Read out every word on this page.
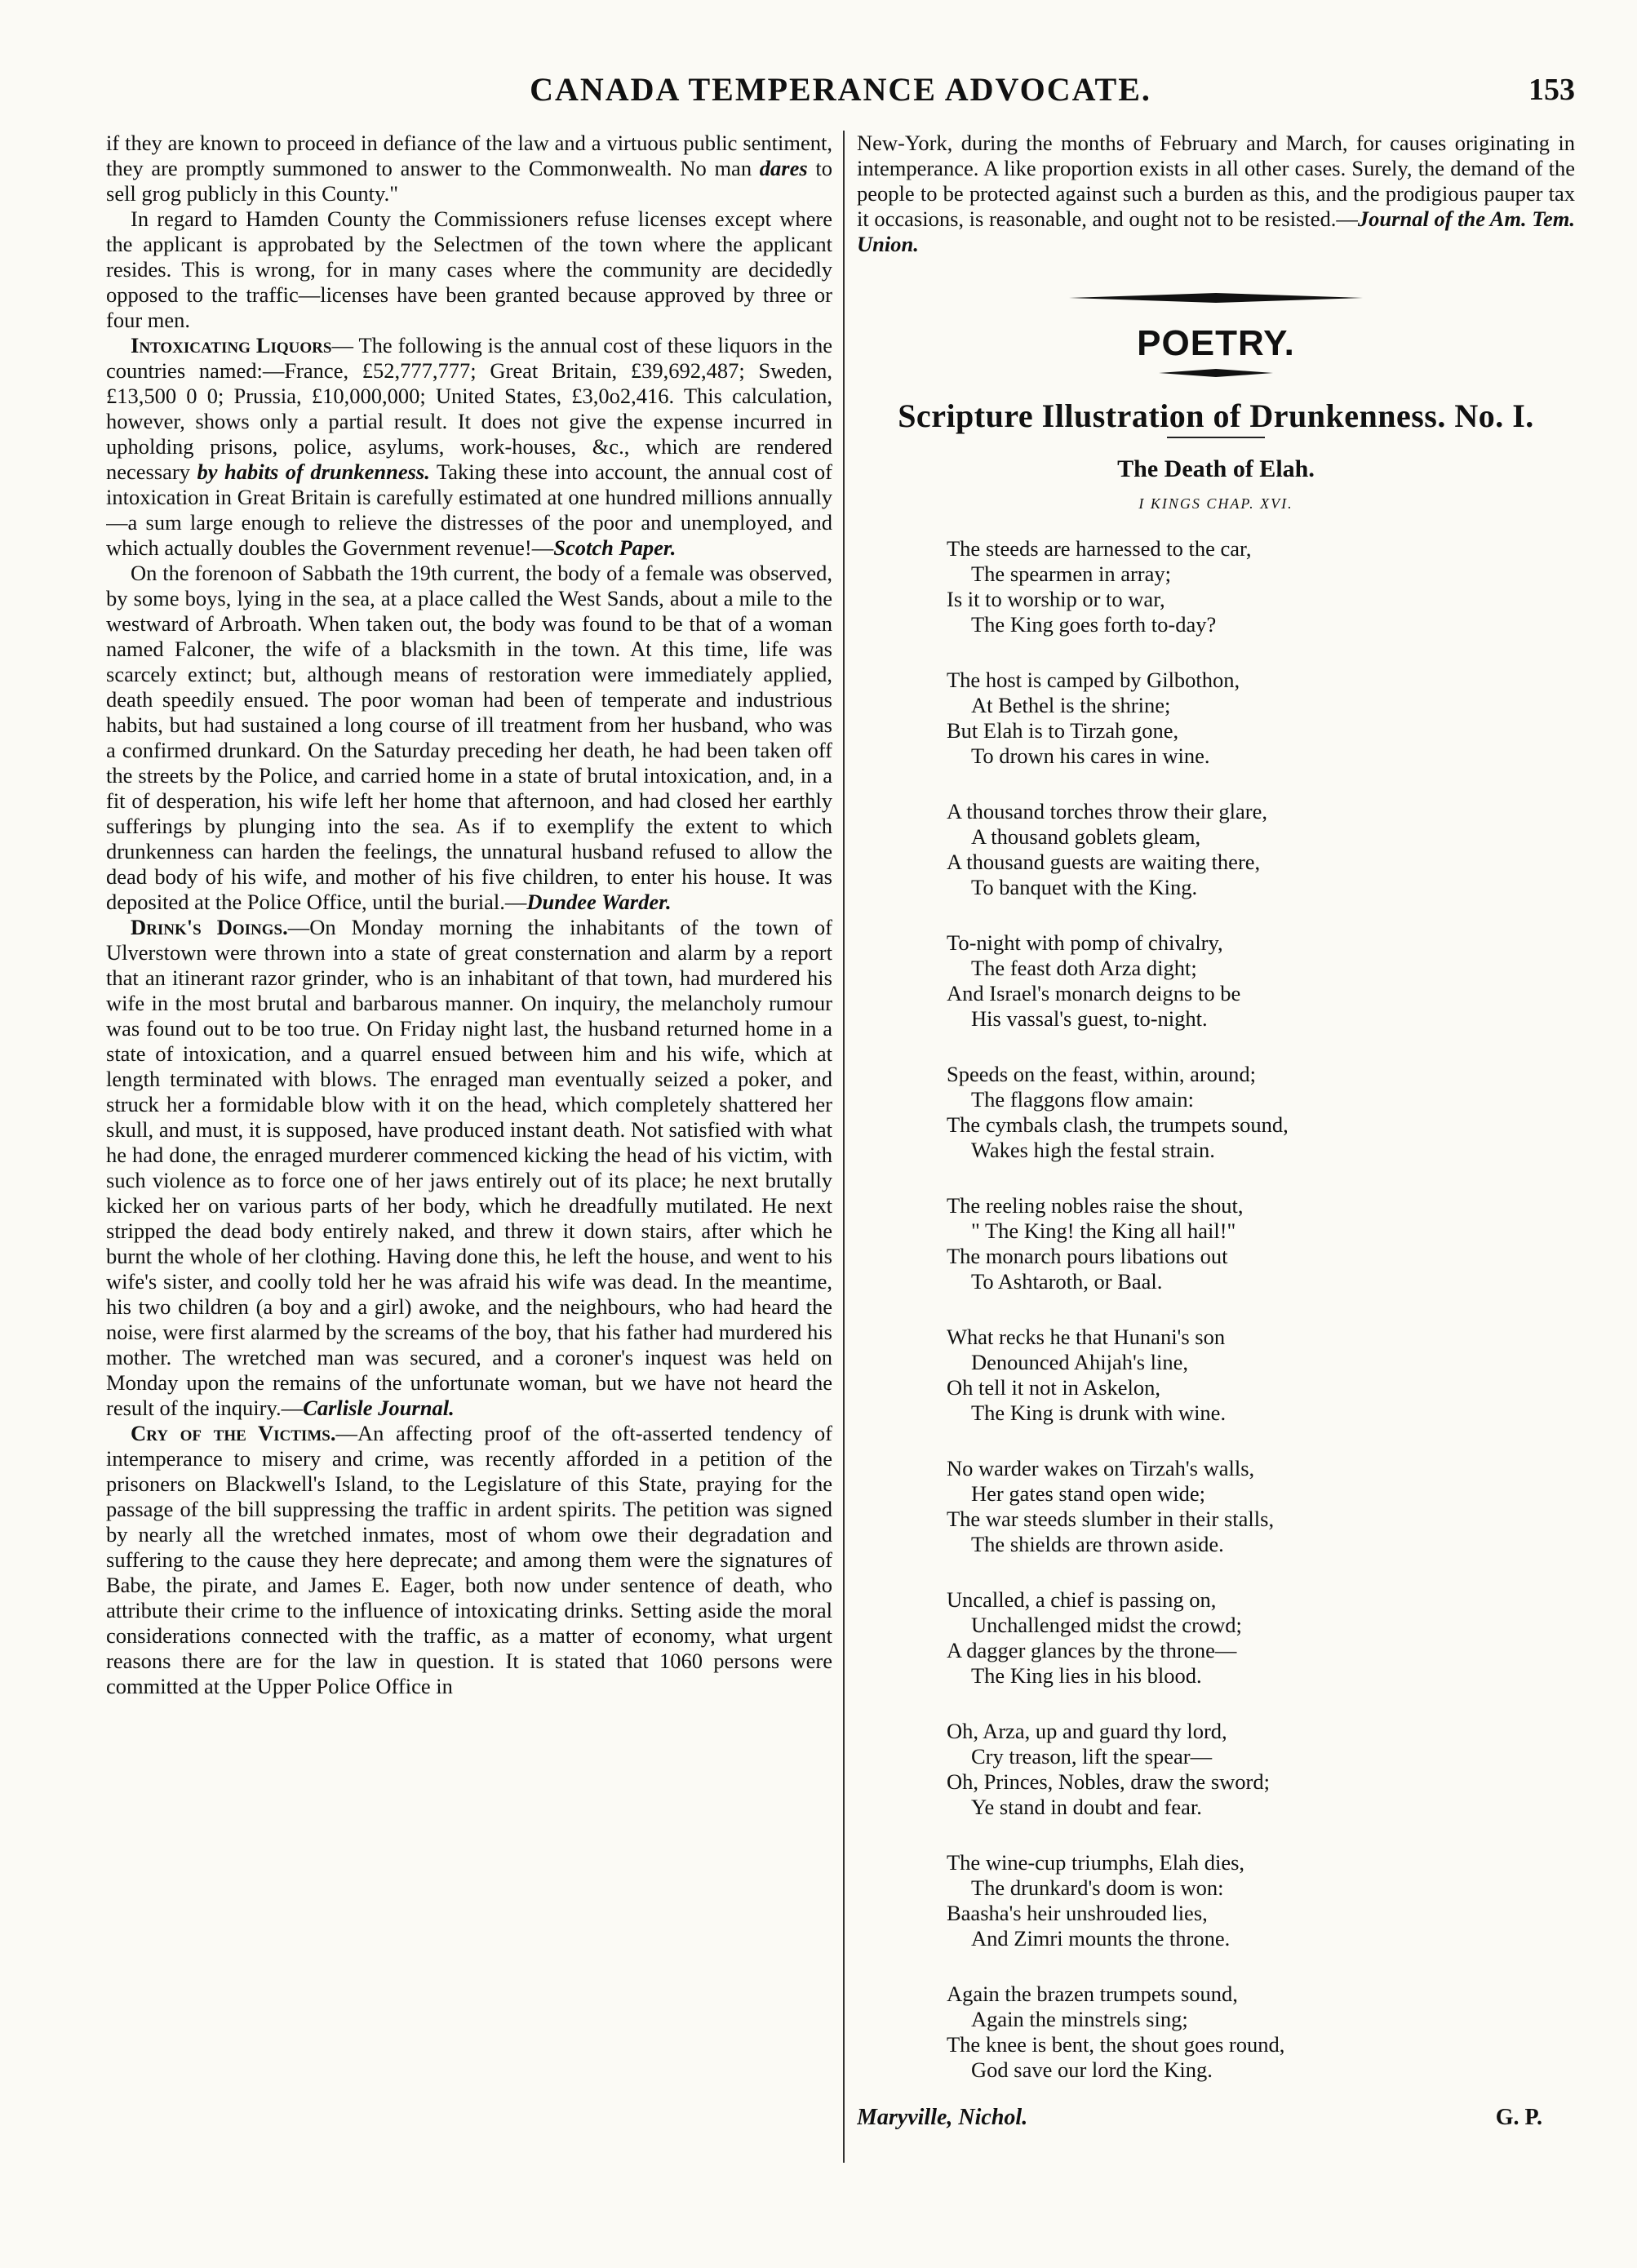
CANADA TEMPERANCE ADVOCATE.	153

if they are known to proceed in defiance of the law and a virtuous public sentiment, they are promptly summoned to answer to the Commonwealth. No man dares to sell grog publicly in this County."

In regard to Hamden County the Commissioners refuse licenses except where the applicant is approbated by the Selectmen of the town where the applicant resides. This is wrong, for in many cases where the community are decidedly opposed to the traffic—licenses have been granted because approved by three or four men.

Intoxicating Liquors— The following is the annual cost of these liquors in the countries named:—France, £52,777,777; Great Britain, £39,692,487; Sweden, £13,500 0 0; Prussia, £10,000,000; United States, £3,0o2,416. This calculation, however, shows only a partial result. It does not give the expense incurred in upholding prisons, police, asylums, work-houses, &c., which are rendered necessary by habits of drunkenness. Taking these into account, the annual cost of intoxication in Great Britain is carefully estimated at one hundred millions annually—a sum large enough to relieve the distresses of the poor and unemployed, and which actually doubles the Government revenue!—Scotch Paper.

On the forenoon of Sabbath the 19th current, the body of a female was observed, by some boys, lying in the sea, at a place called the West Sands, about a mile to the westward of Arbroath. When taken out, the body was found to be that of a woman named Falconer, the wife of a blacksmith in the town. At this time, life was scarcely extinct; but, although means of restoration were immediately applied, death speedily ensued. The poor woman had been of temperate and industrious habits, but had sustained a long course of ill treatment from her husband, who was a confirmed drunkard. On the Saturday preceding her death, he had been taken off the streets by the Police, and carried home in a state of brutal intoxication, and, in a fit of desperation, his wife left her home that afternoon, and had closed her earthly sufferings by plunging into the sea. As if to exemplify the extent to which drunkenness can harden the feelings, the unnatural husband refused to allow the dead body of his wife, and mother of his five children, to enter his house. It was deposited at the Police Office, until the burial.—Dundee Warder.

Drink's Doings.—On Monday morning the inhabitants of the town of Ulverstown were thrown into a state of great consternation and alarm by a report that an itinerant razor grinder, who is an inhabitant of that town, had murdered his wife in the most brutal and barbarous manner. On inquiry, the melancholy rumour was found out to be too true. On Friday night last, the husband returned home in a state of intoxication, and a quarrel ensued between him and his wife, which at length terminated with blows. The enraged man eventually seized a poker, and struck her a formidable blow with it on the head, which completely shattered her skull, and must, it is supposed, have produced instant death. Not satisfied with what he had done, the enraged murderer commenced kicking the head of his victim, with such violence as to force one of her jaws entirely out of its place; he next brutally kicked her on various parts of her body, which he dreadfully mutilated. He next stripped the dead body entirely naked, and threw it down stairs, after which he burnt the whole of her clothing. Having done this, he left the house, and went to his wife's sister, and coolly told her he was afraid his wife was dead. In the meantime, his two children (a boy and a girl) awoke, and the neighbours, who had heard the noise, were first alarmed by the screams of the boy, that his father had murdered his mother. The wretched man was secured, and a coroner's inquest was held on Monday upon the remains of the unfortunate woman, but we have not heard the result of the inquiry.—Carlisle Journal.

Cry of the Victims.—An affecting proof of the oft-asserted tendency of intemperance to misery and crime, was recently afforded in a petition of the prisoners on Blackwell's Island, to the Legislature of this State, praying for the passage of the bill suppressing the traffic in ardent spirits. The petition was signed by nearly all the wretched inmates, most of whom owe their degradation and suffering to the cause they here deprecate; and among them were the signatures of Babe, the pirate, and James E. Eager, both now under sentence of death, who attribute their crime to the influence of intoxicating drinks. Setting aside the moral considerations connected with the traffic, as a matter of economy, what urgent reasons there are for the law in question. It is stated that 1060 persons were committed at the Upper Police Office in

New-York, during the months of February and March, for causes originating in intemperance. A like proportion exists in all other cases. Surely, the demand of the people to be protected against such a burden as this, and the prodigious pauper tax it occasions, is reasonable, and ought not to be resisted.—Journal of the Am. Tem. Union.

POETRY.
Scripture Illustration of Drunkenness. No. I.
The Death of Elah.
I KINGS CHAP. XVI.
The steeds are harnessed to the car,
The spearmen in array;
Is it to worship or to war,
The King goes forth to-day?
The host is camped by Gilbothon,
At Bethel is the shrine;
But Elah is to Tirzah gone,
To drown his cares in wine.
A thousand torches throw their glare,
A thousand goblets gleam,
A thousand guests are waiting there,
To banquet with the King.
To-night with pomp of chivalry,
The feast doth Arza dight;
And Israel's monarch deigns to be
His vassal's guest, to-night.
Speeds on the feast, within, around;
The flaggons flow amain:
The cymbals clash, the trumpets sound,
Wakes high the festal strain.
The reeling nobles raise the shout,
" The King! the King all hail!"
The monarch pours libations out
To Ashtaroth, or Baal.
What recks he that Hunani's son
Denounced Ahijah's line,
Oh tell it not in Askelon,
The King is drunk with wine.
No warder wakes on Tirzah's walls,
Her gates stand open wide;
The war steeds slumber in their stalls,
The shields are thrown aside.
Uncalled, a chief is passing on,
Unchallenged midst the crowd;
A dagger glances by the throne—
The King lies in his blood.
Oh, Arza, up and guard thy lord,
Cry treason, lift the spear—
Oh, Princes, Nobles, draw the sword;
Ye stand in doubt and fear.
The wine-cup triumphs, Elah dies,
The drunkard's doom is won:
Baasha's heir unshrouded lies,
And Zimri mounts the throne.
Again the brazen trumpets sound,
Again the minstrels sing;
The knee is bent, the shout goes round,
God save our lord the King.
Maryville, Nichol.	G. P.
